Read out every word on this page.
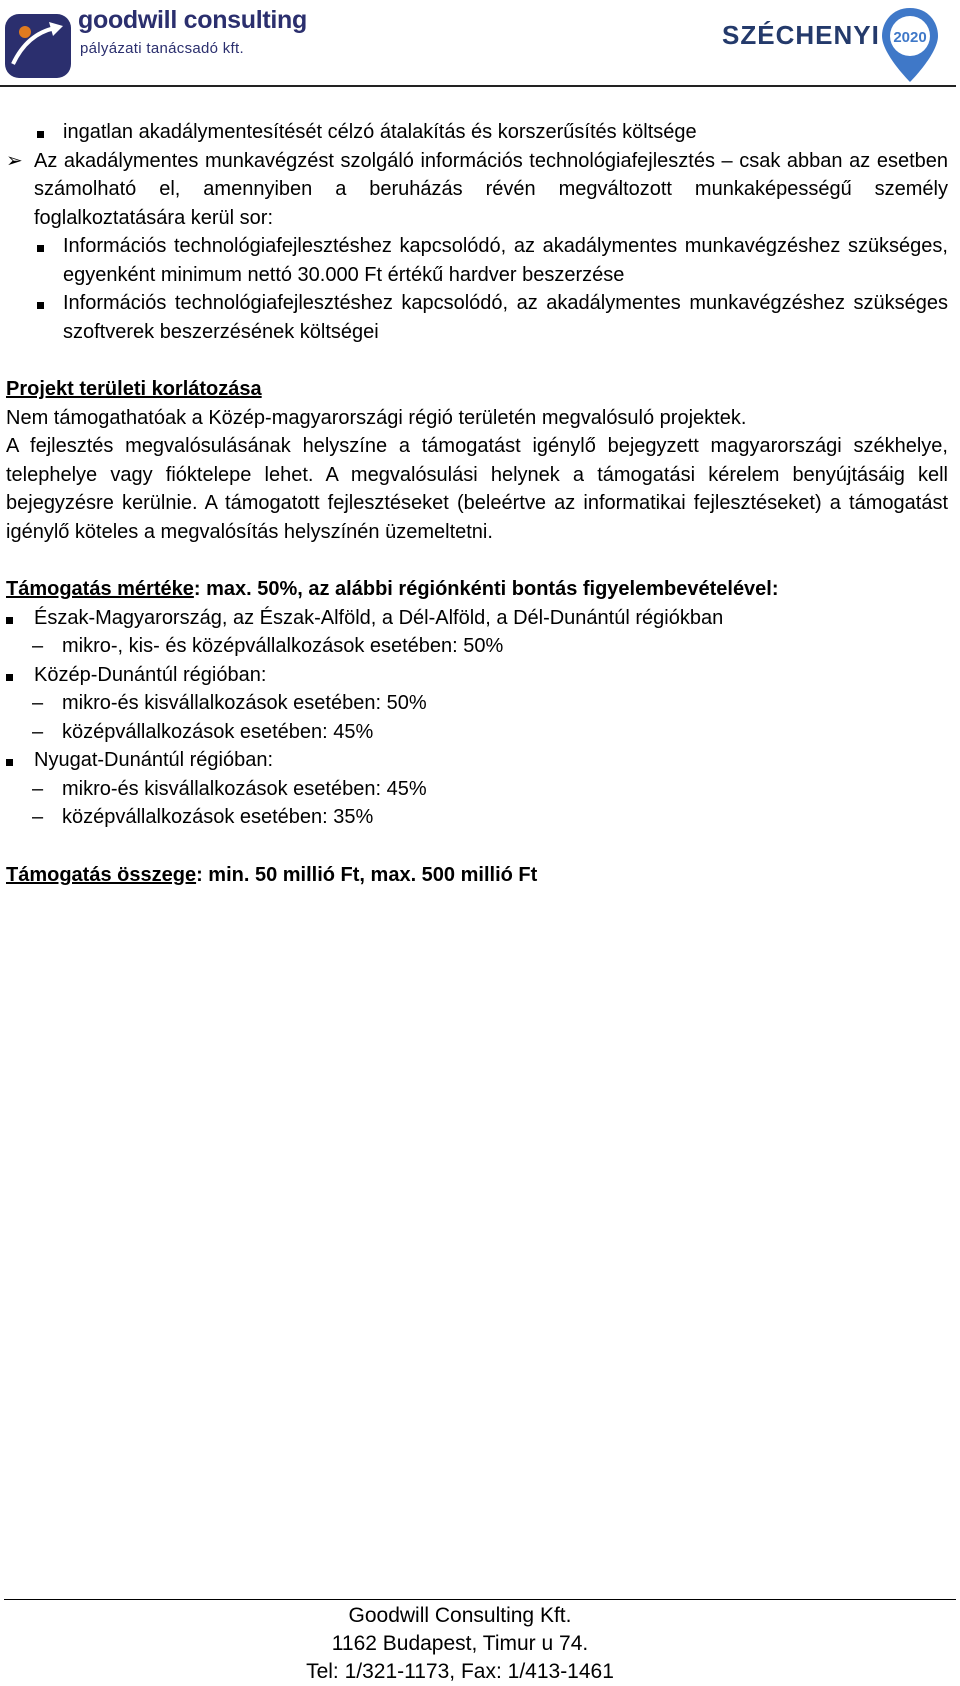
goodwill consulting
pályázati tanácsadó kft.	SZÉCHENYI 2020

ingatlan akadálymentesítését célzó átalakítás és korszerűsítés költsége

➢ Az akadálymentes munkavégzést szolgáló információs technológiafejlesztés – csak abban az esetben számolható el, amennyiben a beruházás révén megváltozott munkaképességű személy foglalkoztatására kerül sor:

Információs technológiafejlesztéshez kapcsolódó, az akadálymentes munkavégzéshez szükséges, egyenként minimum nettó 30.000 Ft értékű hardver beszerzése

Információs technológiafejlesztéshez kapcsolódó, az akadálymentes munkavégzéshez szükséges szoftverek beszerzésének költségei

Projekt területi korlátozása

Nem támogathatóak a Közép-magyarországi régió területén megvalósuló projektek.

A fejlesztés megvalósulásának helyszíne a támogatást igénylő bejegyzett magyarországi székhelye, telephelye vagy fióktelepe lehet. A megvalósulási helynek a támogatási kérelem benyújtásáig kell bejegyzésre kerülnie. A támogatott fejlesztéseket (beleértve az informatikai fejlesztéseket) a támogatást igénylő köteles a megvalósítás helyszínén üzemeltetni.

Támogatás mértéke: max. 50%, az alábbi régiónkénti bontás figyelembevételével:

Észak-Magyarország, az Észak-Alföld, a Dél-Alföld, a Dél-Dunántúl régiókban

– mikro-, kis- és középvállalkozások esetében: 50%

Közép-Dunántúl régióban:

– mikro-és kisvállalkozások esetében: 50%

– középvállalkozások esetében: 45%

Nyugat-Dunántúl régióban:

– mikro-és kisvállalkozások esetében: 45%

– középvállalkozások esetében: 35%

Támogatás összege: min. 50 millió Ft, max. 500 millió Ft

Goodwill Consulting Kft.
1162 Budapest, Timur u 74.
Tel: 1/321-1173, Fax: 1/413-1461
